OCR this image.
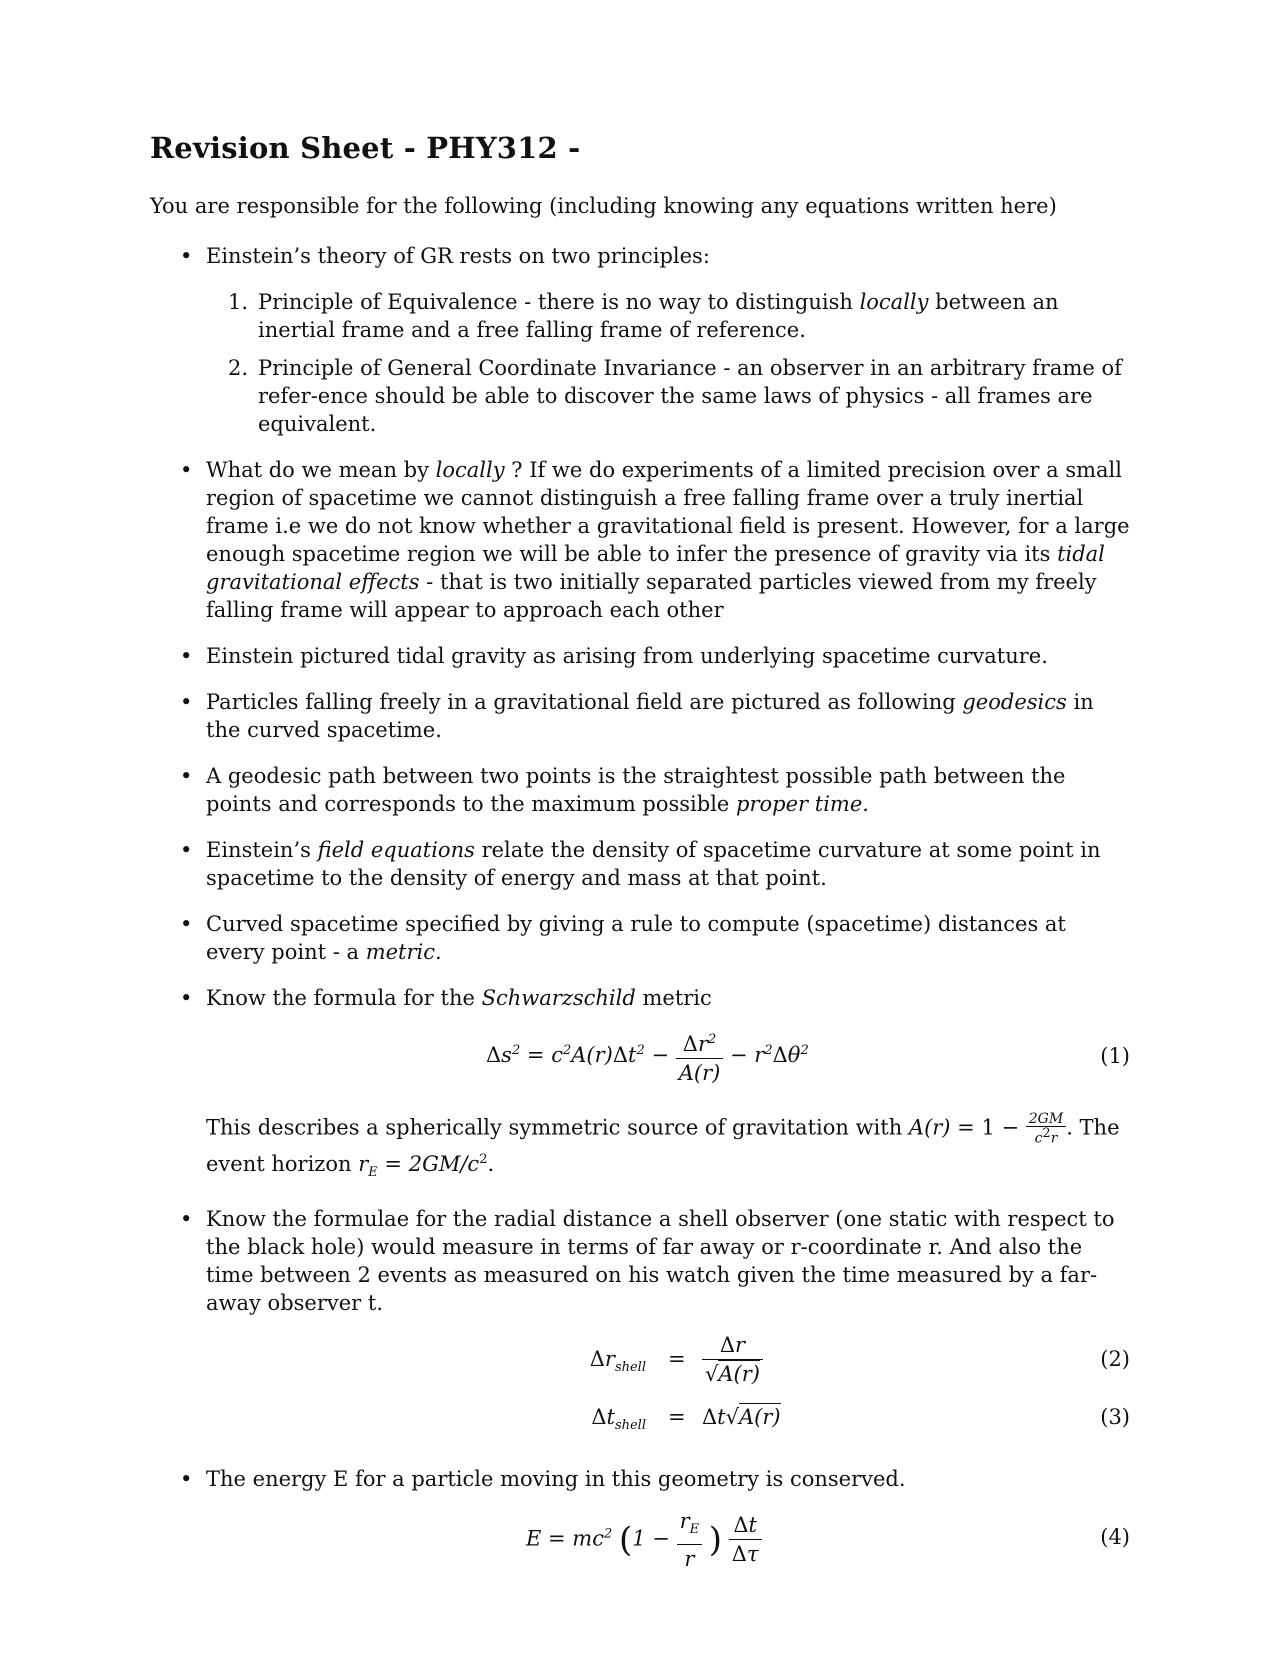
Revision Sheet - PHY312 -

You are responsible for the following (including knowing any equations written here)

• Einstein’s theory of GR rests on two principles:
1. Principle of Equivalence - there is no way to distinguish locally between an inertial frame and a free falling frame of reference.
2. Principle of General Coordinate Invariance - an observer in an arbitrary frame of refer-ence should be able to discover the same laws of physics - all frames are equivalent.
• What do we mean by locally ? If we do experiments of a limited precision over a small region of spacetime we cannot distinguish a free falling frame over a truly inertial frame i.e we do not know whether a gravitational field is present. However, for a large enough spacetime region we will be able to infer the presence of gravity via its tidal gravitational effects - that is two initially separated particles viewed from my freely falling frame will appear to approach each other
• Einstein pictured tidal gravity as arising from underlying spacetime curvature.
• Particles falling freely in a gravitational field are pictured as following geodesics in the curved spacetime.
• A geodesic path between two points is the straightest possible path between the points and corresponds to the maximum possible proper time.
• Einstein’s field equations relate the density of spacetime curvature at some point in spacetime to the density of energy and mass at that point.
• Curved spacetime specified by giving a rule to compute (spacetime) distances at every point - a metric.
• Know the formula for the Schwarzschild metric
$\Delta s^2 = c^2A(r)\Delta t^2 - \frac{\Delta r^2}{A(r)} - r^2\Delta\theta^2$	(1)
This describes a spherically symmetric source of gravitation with $A(r) = 1 - \frac{2GM}{c^2r}$ . The event horizon $r_E = 2GM/c^2$.
• Know the formulae for the radial distance a shell observer (one static with respect to the black hole) would measure in terms of far away or r-coordinate r. And also the time between 2 events as measured on his watch given the time measured by a far-away observer t.
$\Delta r_{shell} = \frac{\Delta r}{√A(r)}$	(2)
$\Delta t_{shell} = \Delta t√A(r)$	(3)
• The energy E for a particle moving in this geometry is conserved.
$E = mc^2$ ($1 - \frac{r_E}{r}$ ) $\frac{\Delta t}{\Delta\tau}$	(4)
